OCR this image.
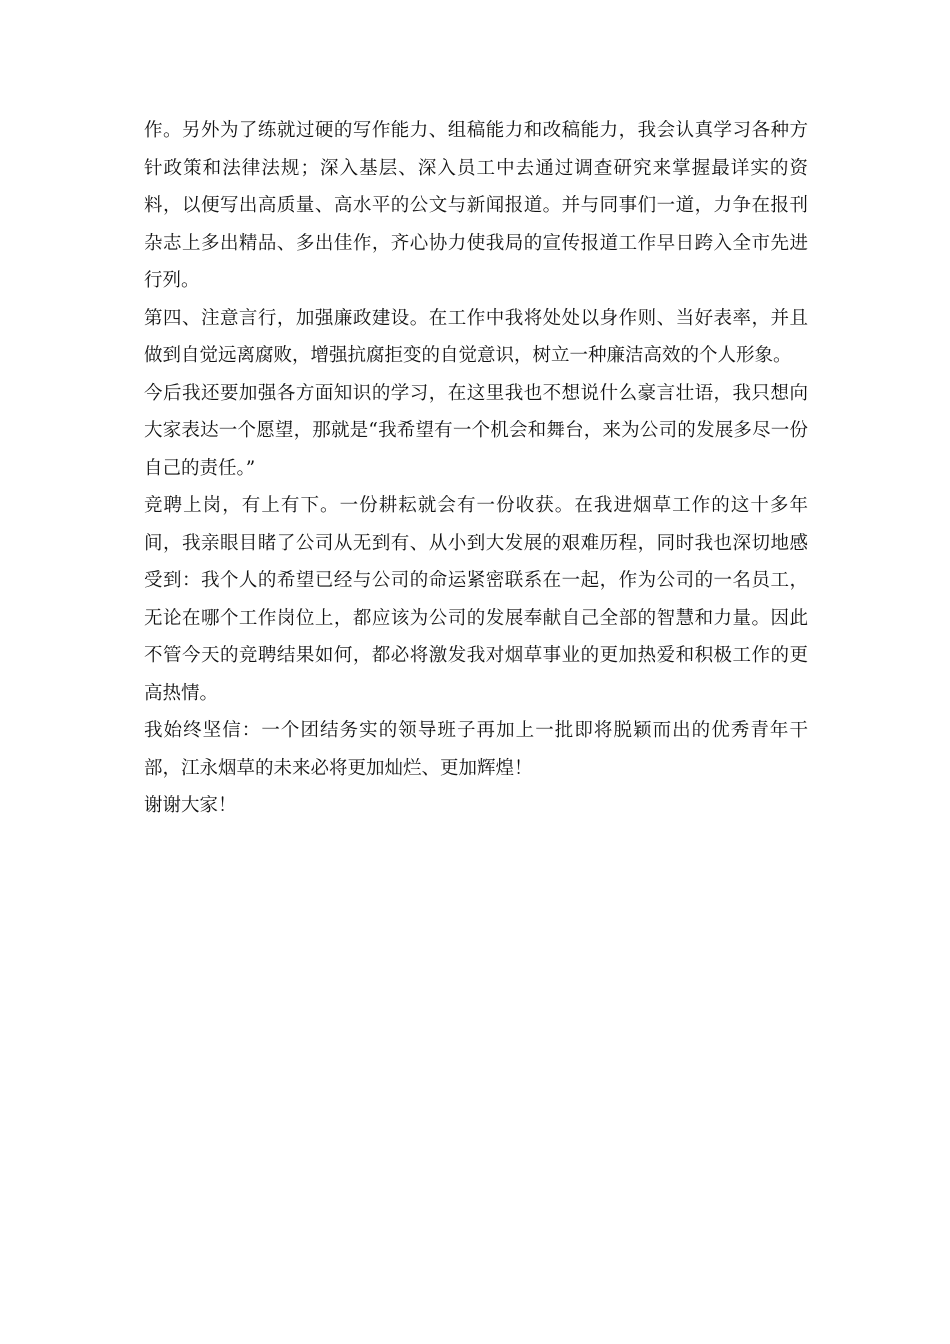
作。另外为了练就过硬的写作能力、组稿能力和改稿能力，我会认真学习各种方针政策和法律法规；深入基层、深入员工中去通过调查研究来掌握最详实的资料，以便写出高质量、高水平的公文与新闻报道。并与同事们一道，力争在报刊杂志上多出精品、多出佳作，齐心协力使我局的宣传报道工作早日跨入全市先进行列。

第四、注意言行，加强廉政建设。在工作中我将处处以身作则、当好表率，并且做到自觉远离腐败，增强抗腐拒变的自觉意识，树立一种廉洁高效的个人形象。

今后我还要加强各方面知识的学习，在这里我也不想说什么豪言壮语，我只想向大家表达一个愿望，那就是“我希望有一个机会和舞台，来为公司的发展多尽一份自己的责任。”

竞聘上岗，有上有下。一份耕耘就会有一份收获。在我进烟草工作的这十多年间，我亲眼目睹了公司从无到有、从小到大发展的艰难历程，同时我也深切地感受到：我个人的希望已经与公司的命运紧密联系在一起，作为公司的一名员工，无论在哪个工作岗位上，都应该为公司的发展奉献自己全部的智慧和力量。因此不管今天的竞聘结果如何，都必将激发我对烟草事业的更加热爱和积极工作的更高热情。

我始终坚信：一个团结务实的领导班子再加上一批即将脱颖而出的优秀青年干部，江永烟草的未来必将更加灿烂、更加辉煌！

谢谢大家！
